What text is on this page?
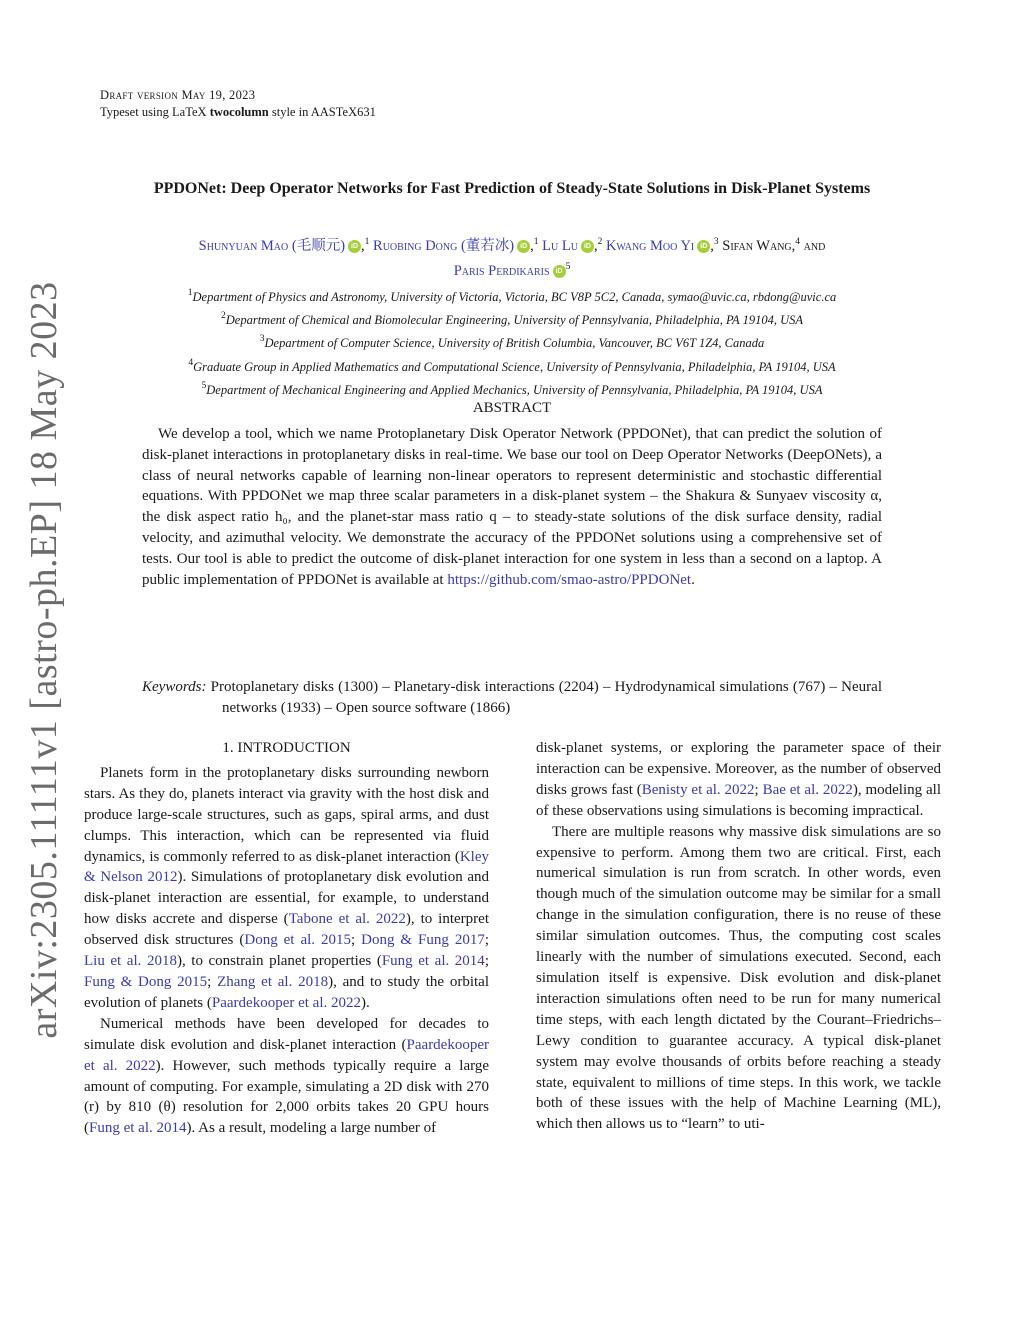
arXiv:2305.11111v1 [astro-ph.EP] 18 May 2023
Draft version May 19, 2023
Typeset using LaTeX twocolumn style in AASTeX631
PPDONet: Deep Operator Networks for Fast Prediction of Steady-State Solutions in Disk-Planet Systems
Shunyuan Mao (毛顺元) iD ,$^1$ Ruobing Dong (董若冰) iD ,$^1$ Lu Lu iD ,$^2$ Kwang Moo Yi iD ,$^3$ Sifan Wang,$^4$ and
Paris Perdikaris iD $^5$
$^1$Department of Physics and Astronomy, University of Victoria, Victoria, BC V8P 5C2, Canada, symao@uvic.ca, rbdong@uvic.ca
$^2$Department of Chemical and Biomolecular Engineering, University of Pennsylvania, Philadelphia, PA 19104, USA
$^3$Department of Computer Science, University of British Columbia, Vancouver, BC V6T 1Z4, Canada
$^4$Graduate Group in Applied Mathematics and Computational Science, University of Pennsylvania, Philadelphia, PA 19104, USA
$^5$Department of Mechanical Engineering and Applied Mechanics, University of Pennsylvania, Philadelphia, PA 19104, USA
ABSTRACT
We develop a tool, which we name Protoplanetary Disk Operator Network (PPDONet), that can predict the solution of disk-planet interactions in protoplanetary disks in real-time. We base our tool on Deep Operator Networks (DeepONets), a class of neural networks capable of learning non-linear operators to represent deterministic and stochastic differential equations. With PPDONet we map three scalar parameters in a disk-planet system – the Shakura & Sunyaev viscosity α, the disk aspect ratio h₀, and the planet-star mass ratio q – to steady-state solutions of the disk surface density, radial velocity, and azimuthal velocity. We demonstrate the accuracy of the PPDONet solutions using a comprehensive set of tests. Our tool is able to predict the outcome of disk-planet interaction for one system in less than a second on a laptop. A public implementation of PPDONet is available at https://github.com/smao-astro/PPDONet.
Keywords: Protoplanetary disks (1300) – Planetary-disk interactions (2204) – Hydrodynamical simulations (767) – Neural networks (1933) – Open source software (1866)
1. INTRODUCTION

Planets form in the protoplanetary disks surrounding newborn stars. As they do, planets interact via gravity with the host disk and produce large-scale structures, such as gaps, spiral arms, and dust clumps. This interaction, which can be represented via fluid dynamics, is commonly referred to as disk-planet interaction (Kley & Nelson 2012). Simulations of protoplanetary disk evolution and disk-planet interaction are essential, for example, to understand how disks accrete and disperse (Tabone et al. 2022), to interpret observed disk structures (Dong et al. 2015; Dong & Fung 2017; Liu et al. 2018), to constrain planet properties (Fung et al. 2014; Fung & Dong 2015; Zhang et al. 2018), and to study the orbital evolution of planets (Paardekooper et al. 2022).

Numerical methods have been developed for decades to simulate disk evolution and disk-planet interaction (Paardekooper et al. 2022). However, such methods typically require a large amount of computing. For example, simulating a 2D disk with 270 (r) by 810 (θ) resolution for 2,000 orbits takes 20 GPU hours (Fung et al. 2014). As a result, modeling a large number of

disk-planet systems, or exploring the parameter space of their interaction can be expensive. Moreover, as the number of observed disks grows fast (Benisty et al. 2022; Bae et al. 2022), modeling all of these observations using simulations is becoming impractical.

There are multiple reasons why massive disk simulations are so expensive to perform. Among them two are critical. First, each numerical simulation is run from scratch. In other words, even though much of the simulation outcome may be similar for a small change in the simulation configuration, there is no reuse of these similar simulation outcomes. Thus, the computing cost scales linearly with the number of simulations executed. Second, each simulation itself is expensive. Disk evolution and disk-planet interaction simulations often need to be run for many numerical time steps, with each length dictated by the Courant–Friedrichs–Lewy condition to guarantee accuracy. A typical disk-planet system may evolve thousands of orbits before reaching a steady state, equivalent to millions of time steps. In this work, we tackle both of these issues with the help of Machine Learning (ML), which then allows us to “learn” to uti-
